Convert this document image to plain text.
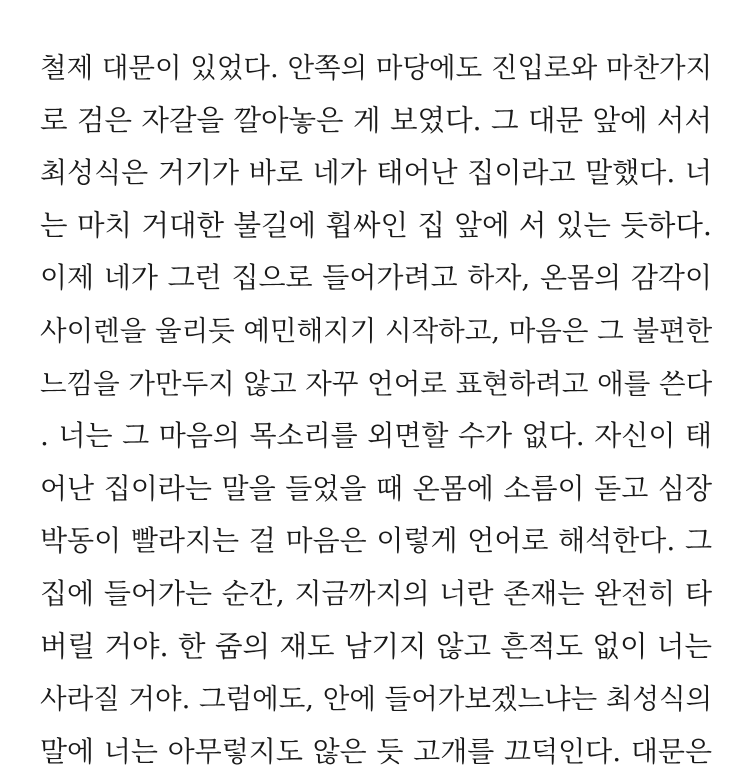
철제 대문이 있었다. 안쪽의 마당에도 진입로와 마찬가지
로 검은 자갈을 깔아놓은 게 보였다. 그 대문 앞에 서서
최성식은 거기가 바로 네가 태어난 집이라고 말했다. 너
는 마치 거대한 불길에 휩싸인 집 앞에 서 있는 듯하다.
이제 네가 그런 집으로 들어가려고 하자, 온몸의 감각이
사이렌을 울리듯 예민해지기 시작하고, 마음은 그 불편한
느낌을 가만두지 않고 자꾸 언어로 표현하려고 애를 쓴다
. 너는 그 마음의 목소리를 외면할 수가 없다. 자신이 태
어난 집이라는 말을 들었을 때 온몸에 소름이 돋고 심장
박동이 빨라지는 걸 마음은 이렇게 언어로 해석한다. 그
집에 들어가는 순간, 지금까지의 너란 존재는 완전히 타
버릴 거야. 한 줌의 재도 남기지 않고 흔적도 없이 너는
사라질 거야. 그럼에도, 안에 들어가보겠느냐는 최성식의
말에 너는 아무렇지도 않은 듯 고개를 끄덕인다. 대문은
